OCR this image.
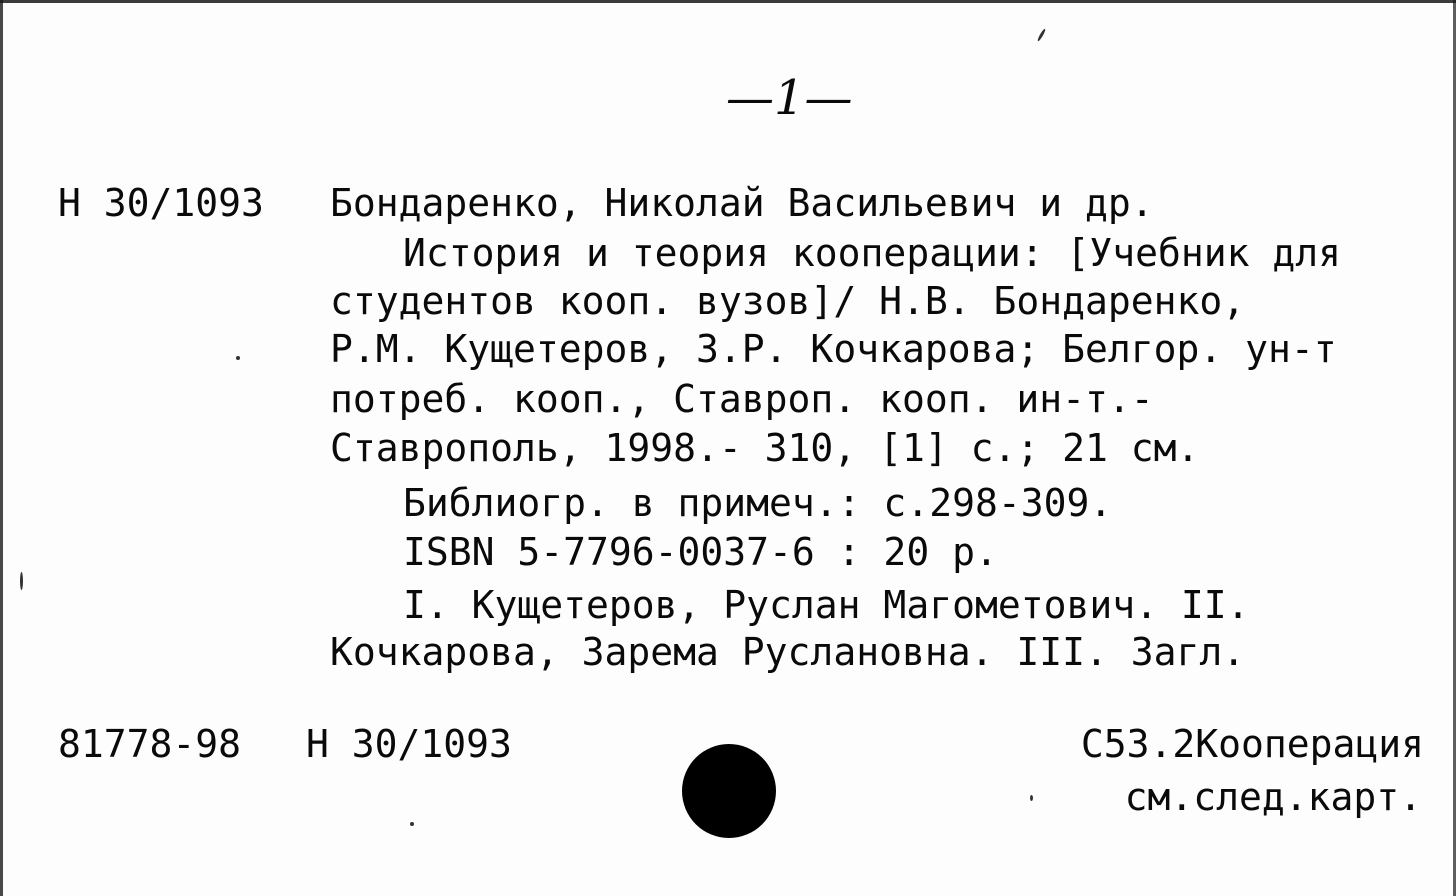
—1—
Н 30/1093 Бондаренко, Николай Васильевич и др.
История и теория кооперации: [Учебник для
студентов кооп. вузов]/ Н.В. Бондаренко,
Р.М. Кущетеров, З.Р. Кочкарова; Белгор. ун-т
потреб. кооп., Ставроп. кооп. ин-т.-
Ставрополь, 1998.- 310, [1] с.; 21 см.
Библиогр. в примеч.: с.298-309.
ISBN 5-7796-0037-6 : 20 р.
I. Кущетеров, Руслан Магометович. II.
Кочкарова, Зарема Руслановна. III. Загл.
81778-98 Н 30/1093	С53.2Кооперация
см.след.карт.
